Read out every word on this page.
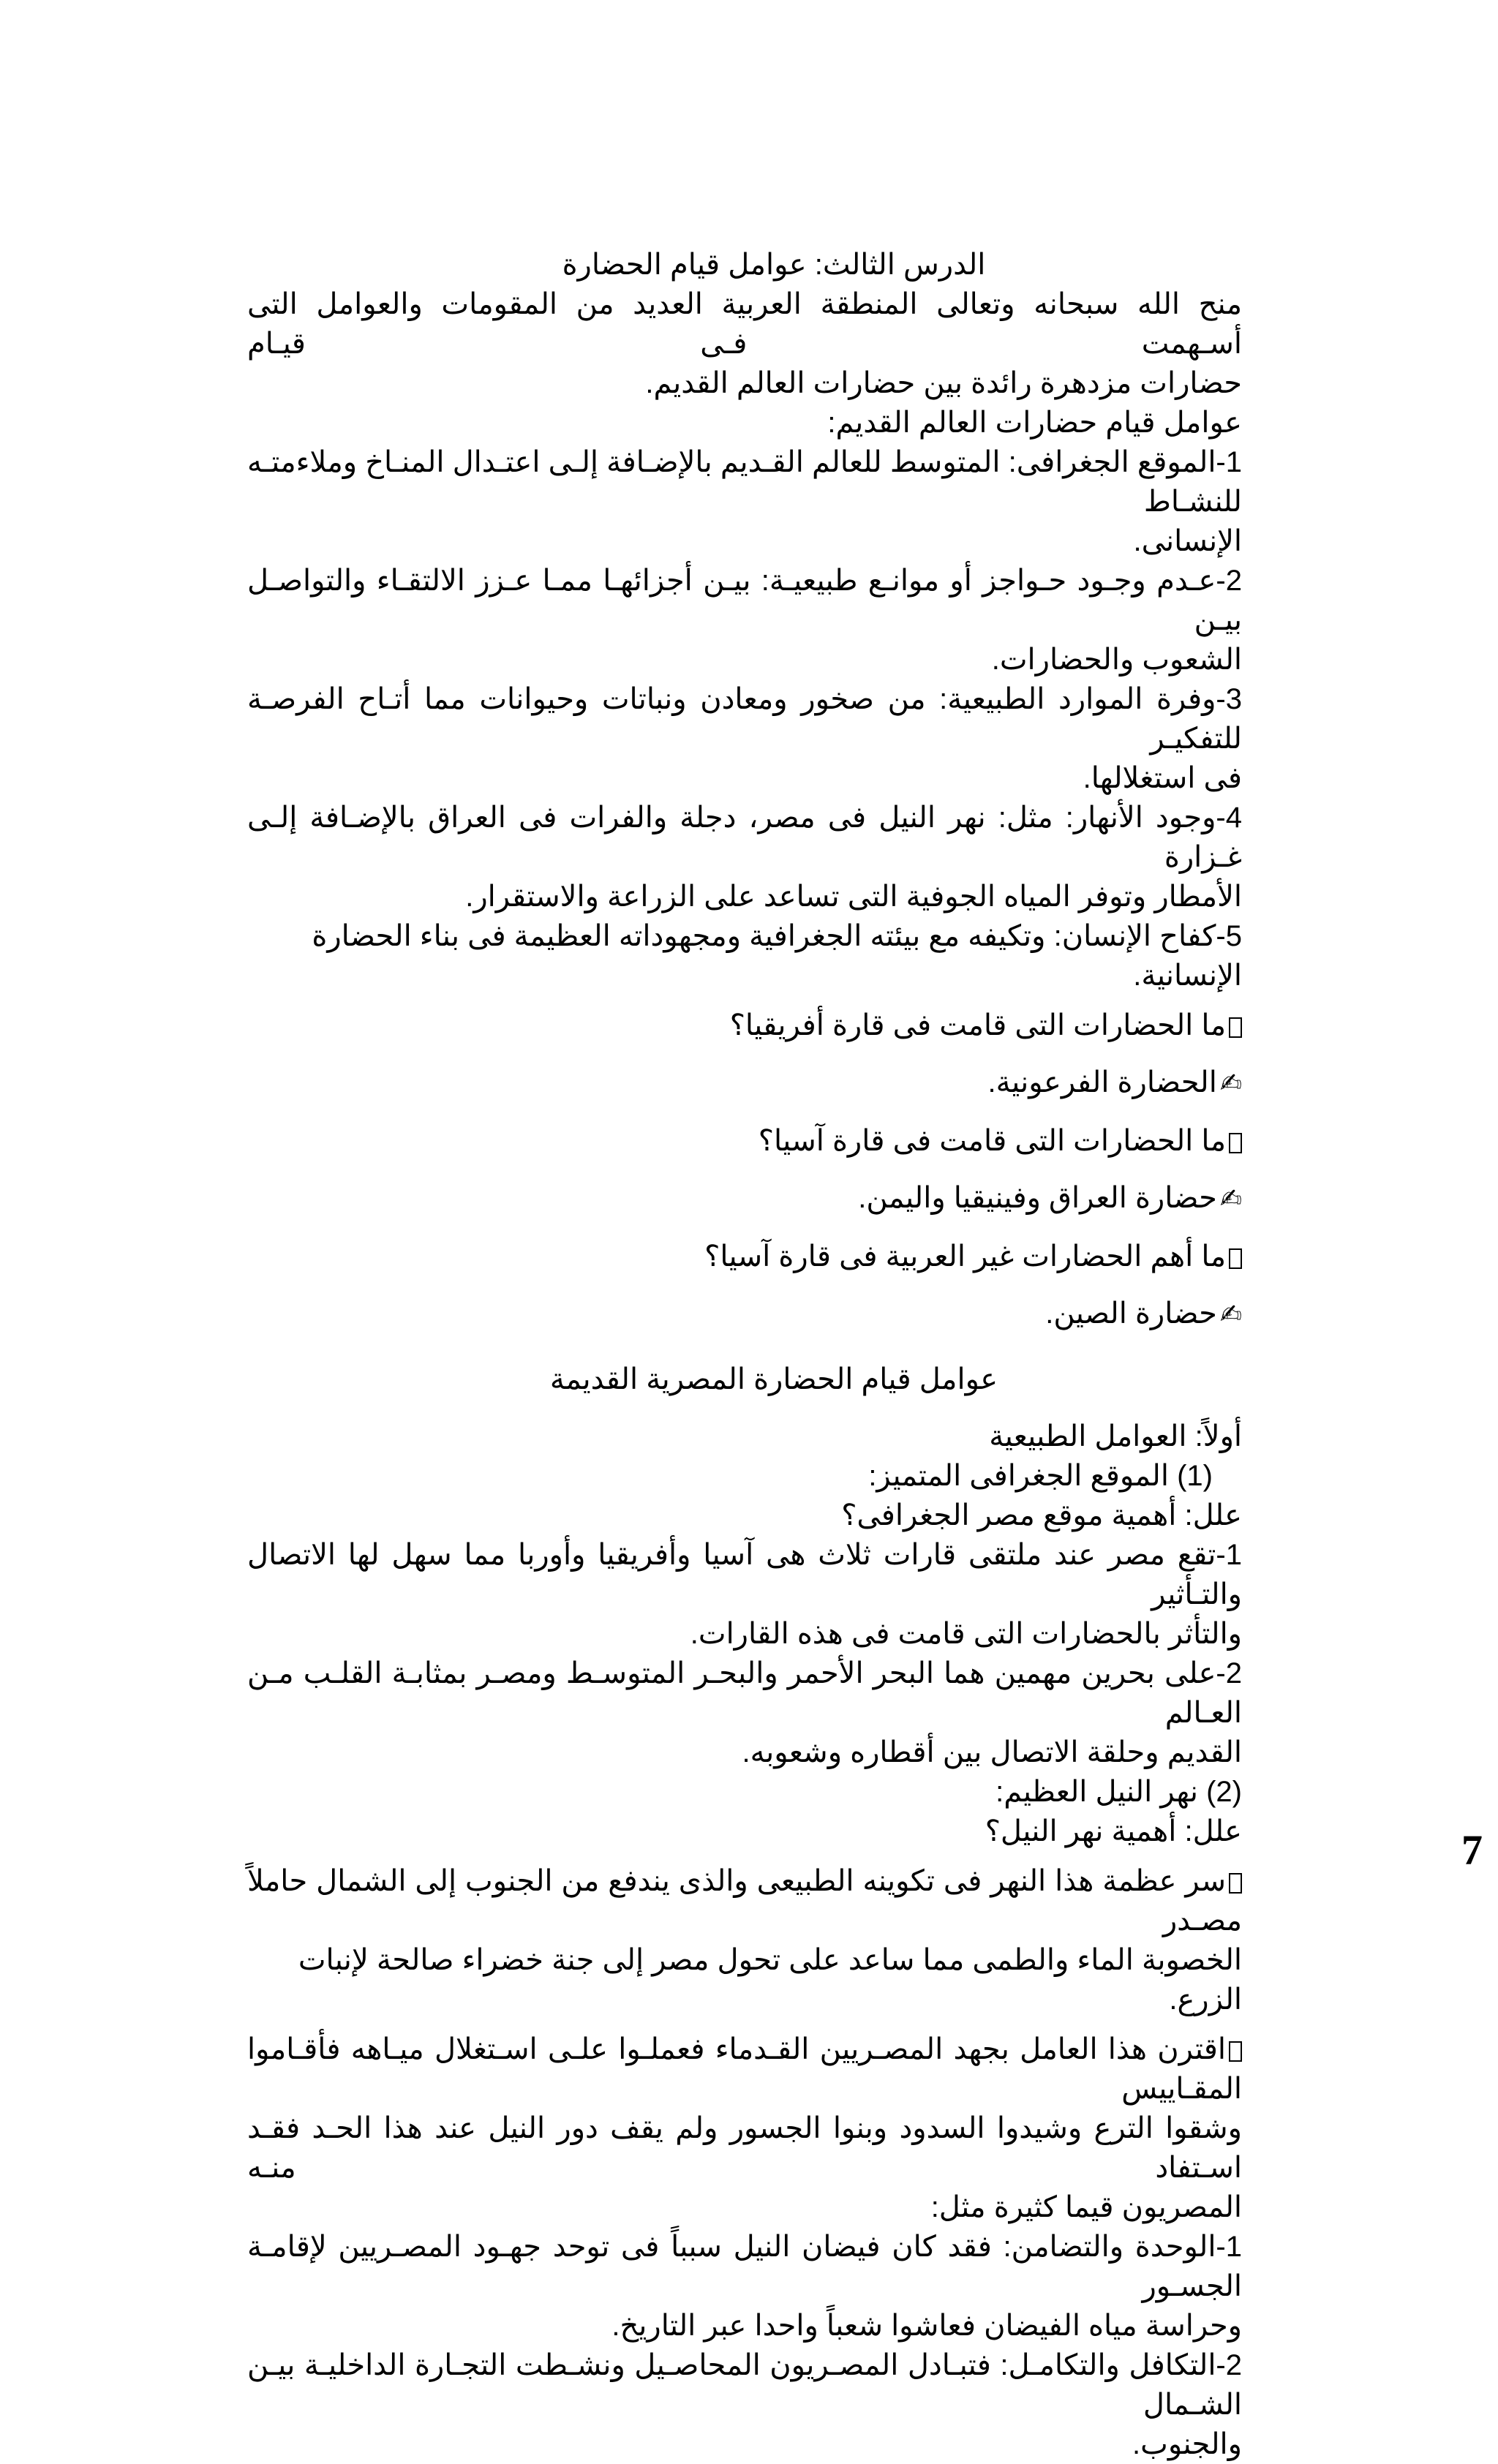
الدرس الثالث: عوامل قيام الحضارة

منح الله سبحانه وتعالى المنطقة العربية العديد من المقومات والعوامل التى أسـهمت فـى قيـام

حضارات مزدهرة رائدة بين حضارات العالم القديم.

عوامل قيام حضارات العالم القديم:

1-الموقع الجغرافى: المتوسط للعالم القـديم بالإضـافة إلـى اعتـدال المنـاخ وملاءمتـه للنشـاط

الإنسانى.

2-عـدم وجـود حـواجز أو موانـع طبيعيـة: بيـن أجزائهـا ممـا عـزز الالتقـاء والتواصـل بيـن

الشعوب والحضارات.

3-وفرة الموارد الطبيعية: من صخور ومعادن ونباتات وحيوانات مما أتـاح الفرصـة للتفكيـر

فى استغلالها.

4-وجود الأنهار: مثل: نهر النيل فى مصر، دجلة والفرات فى العراق بالإضـافة إلـى غـزارة

الأمطار وتوفر المياه الجوفية التى تساعد على الزراعة والاستقرار.

5-كفاح الإنسان: وتكيفه مع بيئته الجغرافية ومجهوداته العظيمة فى بناء الحضارة الإنسانية.

ما الحضارات التى قامت فى قارة أفريقيا؟

✍الحضارة الفرعونية.

ما الحضارات التى قامت فى قارة آسيا؟

✍حضارة العراق وفينيقيا واليمن.

ما أهم الحضارات غير العربية فى قارة آسيا؟

✍حضارة الصين.

عوامل قيام الحضارة المصرية القديمة

أولاً: العوامل الطبيعية

(1) الموقع الجغرافى المتميز:

علل: أهمية موقع مصر الجغرافى؟

1-تقع مصر عند ملتقى قارات ثلاث هى آسيا وأفريقيا وأوربا مما سهل لها الاتصال والتـأثير

والتأثر بالحضارات التى قامت فى هذه القارات.

2-على بحرين مهمين هما البحر الأحمر والبحـر المتوسـط ومصـر بمثابـة القلـب مـن العـالم

القديم وحلقة الاتصال بين أقطاره وشعوبه.

(2) نهر النيل العظيم:

علل: أهمية نهر النيل؟

سر عظمة هذا النهر فى تكوينه الطبيعى والذى يندفع من الجنوب إلى الشمال حاملاً مصـدر

الخصوبة الماء والطمى مما ساعد على تحول مصر إلى جنة خضراء صالحة لإنبات الزرع.

اقترن هذا العامل بجهد المصـريين القـدماء فعملـوا علـى اسـتغلال ميـاهه فأقـاموا المقـاييس

وشقوا الترع وشيدوا السدود وبنوا الجسور ولم يقف دور النيل عند هذا الحـد فقـد اسـتفاد منـه

المصريون قيما كثيرة مثل:

1-الوحدة والتضامن: فقد كان فيضان النيل سبباً فى توحد جهـود المصـريين لإقامـة الجسـور

وحراسة مياه الفيضان فعاشوا شعباً واحدا عبر التاريخ.

2-التكافل والتكامـل: فتبـادل المصـريون المحاصـيل ونشـطت التجـارة الداخليـة بيـن الشـمال

والجنوب.

7
